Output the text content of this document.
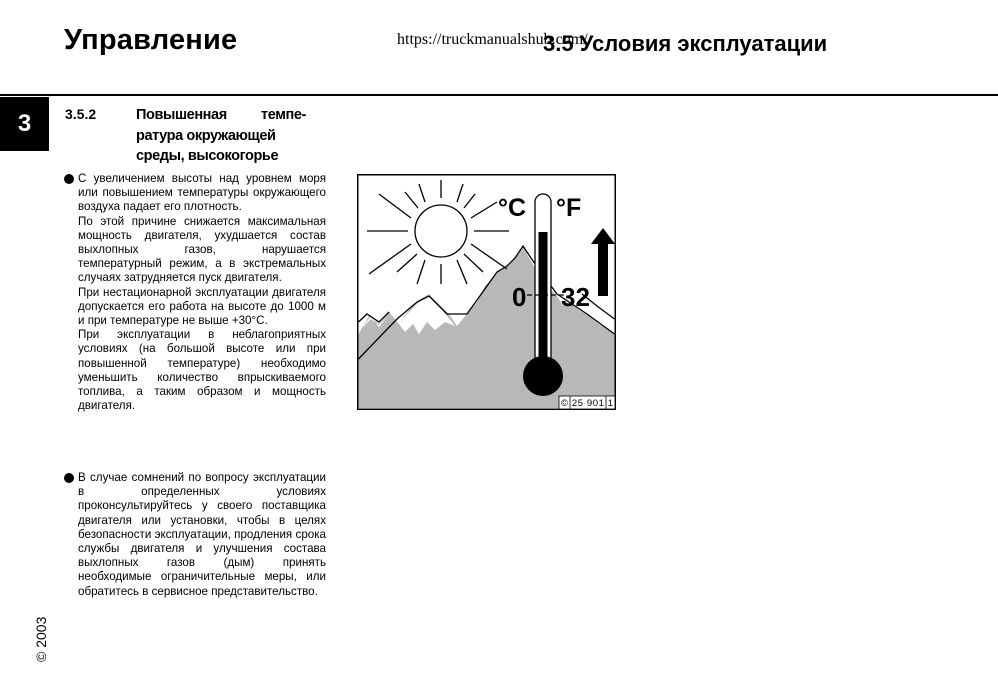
Управление	https://truckmanualshub.com/
3.5 Условия эксплуатации
3	3.5.2	Повышенная темпе-
ратура окружающей
среды, высокогорье

С увеличением высоты над уровнем моря или повышением температуры окружающего воздуха падает его плотность.

По этой причине снижается максимальная мощность двигателя, ухудшается состав выхлопных газов, нарушается температурный режим, а в экстремальных случаях затрудняется пуск двигателя.

При нестационарной эксплуатации двигателя допускается его работа на высоте до 1000 м и при температуре не выше +30°C.

При эксплуатации в неблагоприятных условиях (на большой высоте или при повышенной температуре) необходимо уменьшить количество впрыскиваемого топлива, а таким образом и мощность двигателя.

В случае сомнений по вопросу эксплуатации в определенных условиях проконсультируйтесь у своего поставщика двигателя или установки, чтобы в целях безопасности эксплуатации, продления срока службы двигателя и улучшения состава выхлопных газов (дым) принять необходимые ограничительные меры, или обратитесь в сервисное представительство.

°C °F
0 32
© 25 901 1
© 2003
